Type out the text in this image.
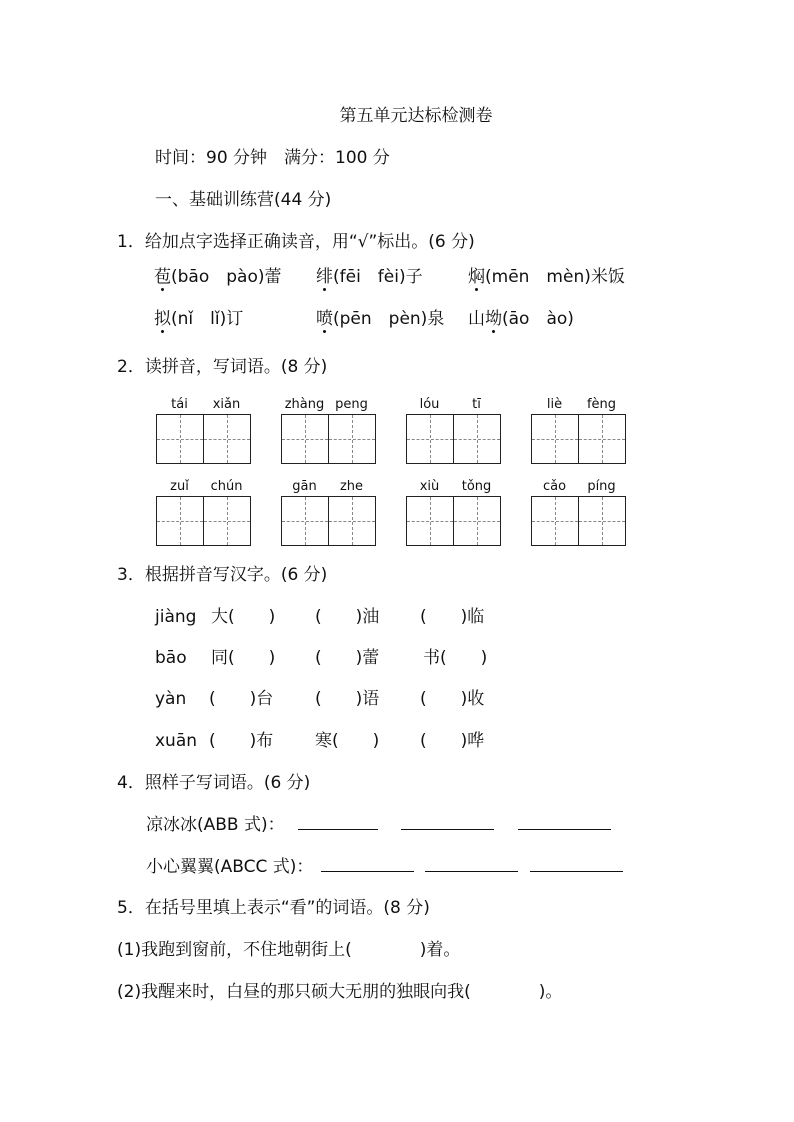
第五单元达标检测卷
时间：90 分钟　满分：100 分
一、基础训练营(44 分)
1．给加点字选择正确读音，用“√”标出。(6 分)
苞(bāo　pào)蕾 绯(fēi　fèi)子	焖(mēn　mèn)米饭
拟(nǐ　lǐ)订	喷(pēn　pèn)泉 山坳(āo　ào)
2．读拼音，写词语。(8 分)
tái	xiǎn	zhàng peng	lóu	tī	liè	fèng
zuǐ	chún	gān	zhe	xiù	tǒng	cǎo	píng
3．根据拼音写汉字。(6 分)
jiàng 大(　　) (　　)油 (　　)临
bāo 同(　　) (　　)蕾	书(　　)
yàn (　　)台 (　　)语 (　　)收
xuān (　　)布 寒(　　) (　　)哗
4．照样子写词语。(6 分)
凉冰冰(ABB 式)：
小心翼翼(ABCC 式)：
5．在括号里填上表示“看”的词语。(8 分)
(1)我跑到窗前，不住地朝街上(　　　　)着。
(2)我醒来时，白昼的那只硕大无朋的独眼向我(　　　　)。
